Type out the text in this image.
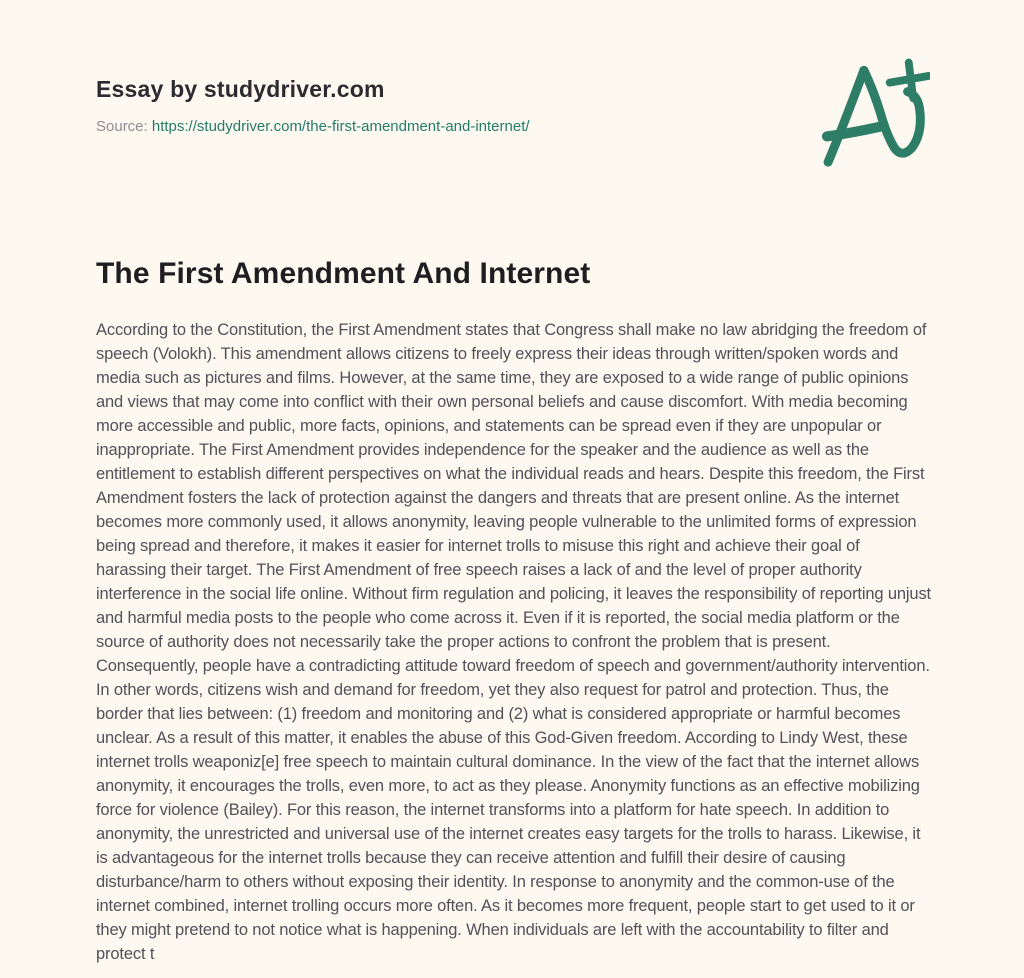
Essay by studydriver.com
Source: https://studydriver.com/the-first-amendment-and-internet/
The First Amendment And Internet

According to the Constitution, the First Amendment states that Congress shall make no law abridging the freedom of speech (Volokh). This amendment allows citizens to freely express their ideas through written/spoken words and media such as pictures and films. However, at the same time, they are exposed to a wide range of public opinions and views that may come into conflict with their own personal beliefs and cause discomfort. With media becoming more accessible and public, more facts, opinions, and statements can be spread even if they are unpopular or inappropriate. The First Amendment provides independence for the speaker and the audience as well as the entitlement to establish different perspectives on what the individual reads and hears. Despite this freedom, the First Amendment fosters the lack of protection against the dangers and threats that are present online. As the internet becomes more commonly used, it allows anonymity, leaving people vulnerable to the unlimited forms of expression being spread and therefore, it makes it easier for internet trolls to misuse this right and achieve their goal of harassing their target. The First Amendment of free speech raises a lack of and the level of proper authority interference in the social life online. Without firm regulation and policing, it leaves the responsibility of reporting unjust and harmful media posts to the people who come across it. Even if it is reported, the social media platform or the source of authority does not necessarily take the proper actions to confront the problem that is present. Consequently, people have a contradicting attitude toward freedom of speech and government/authority intervention. In other words, citizens wish and demand for freedom, yet they also request for patrol and protection. Thus, the border that lies between: (1) freedom and monitoring and (2) what is considered appropriate or harmful becomes unclear. As a result of this matter, it enables the abuse of this God-Given freedom. According to Lindy West, these internet trolls weaponiz[e] free speech to maintain cultural dominance. In the view of the fact that the internet allows anonymity, it encourages the trolls, even more, to act as they please. Anonymity functions as an effective mobilizing force for violence (Bailey). For this reason, the internet transforms into a platform for hate speech. In addition to anonymity, the unrestricted and universal use of the internet creates easy targets for the trolls to harass. Likewise, it is advantageous for the internet trolls because they can receive attention and fulfill their desire of causing disturbance/harm to others without exposing their identity. In response to anonymity and the common-use of the internet combined, internet trolling occurs more often. As it becomes more frequent, people start to get used to it or they might pretend to not notice what is happening. When individuals are left with the accountability to filter and protect t
